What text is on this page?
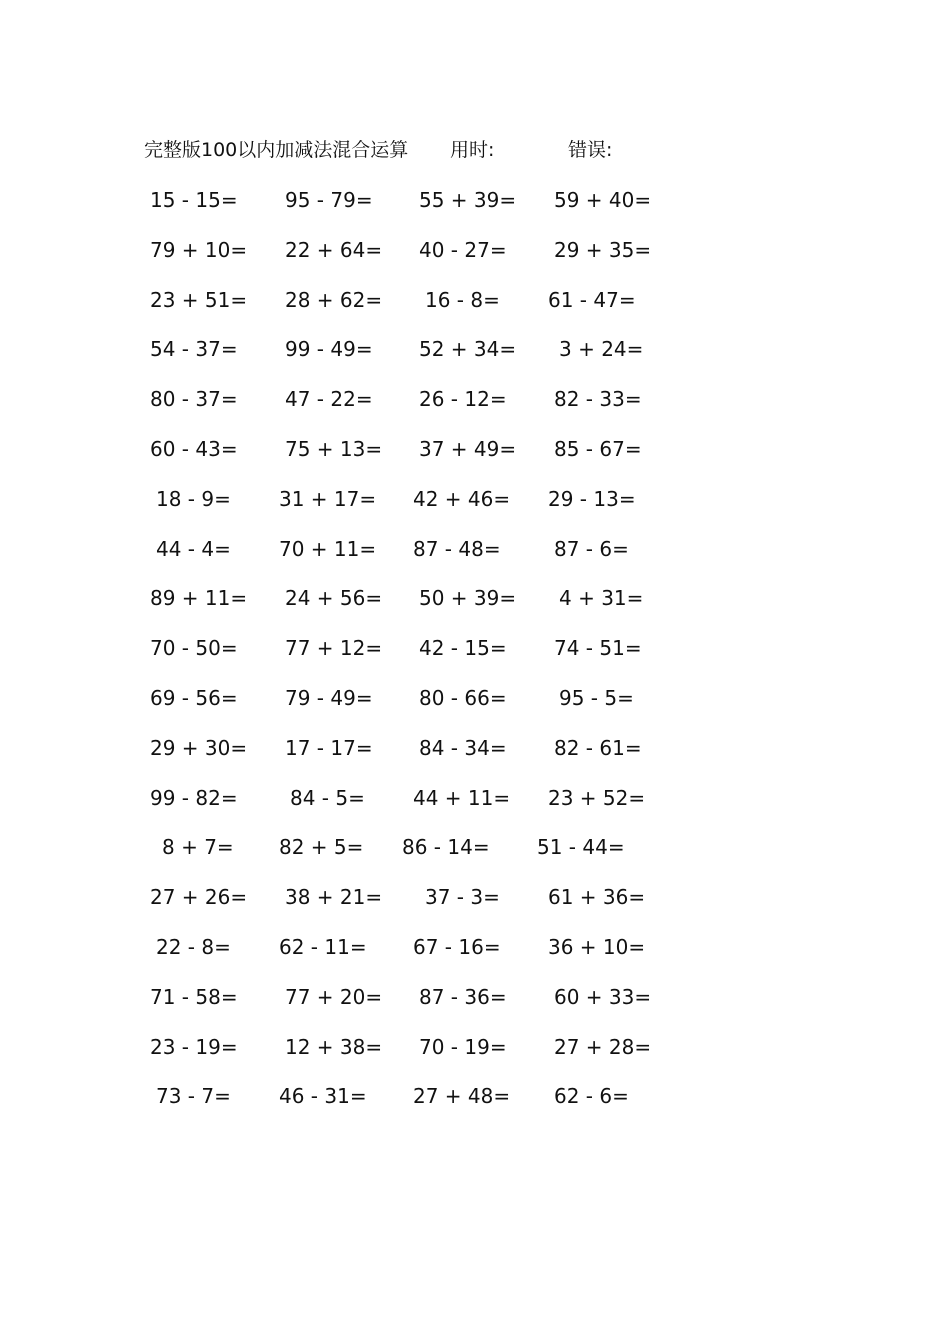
完整版100以内加减法混合运算 用时:	错误:
15 - 15= 95 - 79= 55 + 39= 59 + 40=
79 + 10= 22 + 64= 40 - 27= 29 + 35=
23 + 51= 28 + 62= 16 - 8= 61 - 47=
54 - 37= 99 - 49= 52 + 34= 3 + 24=
80 - 37= 47 - 22= 26 - 12= 82 - 33=
60 - 43= 75 + 13= 37 + 49= 85 - 67=
18 - 9= 31 + 17= 42 + 46= 29 - 13=
44 - 4= 70 + 11= 87 - 48=	87 - 6=
89 + 11= 24 + 56= 50 + 39= 4 + 31=
70 - 50= 77 + 12= 42 - 15= 74 - 51=
69 - 56= 79 - 49= 80 - 66=	95 - 5=
29 + 30= 17 - 17= 84 - 34= 82 - 61=
99 - 82=	84 - 5= 44 + 11= 23 + 52=
8 + 7= 82 + 5= 86 - 14= 51 - 44=
27 + 26= 38 + 21= 37 - 3= 61 + 36=
22 - 8= 62 - 11= 67 - 16= 36 + 10=
71 - 58= 77 + 20= 87 - 36= 60 + 33=
23 - 19= 12 + 38= 70 - 19= 27 + 28=
73 - 7= 46 - 31= 27 + 48= 62 - 6=
